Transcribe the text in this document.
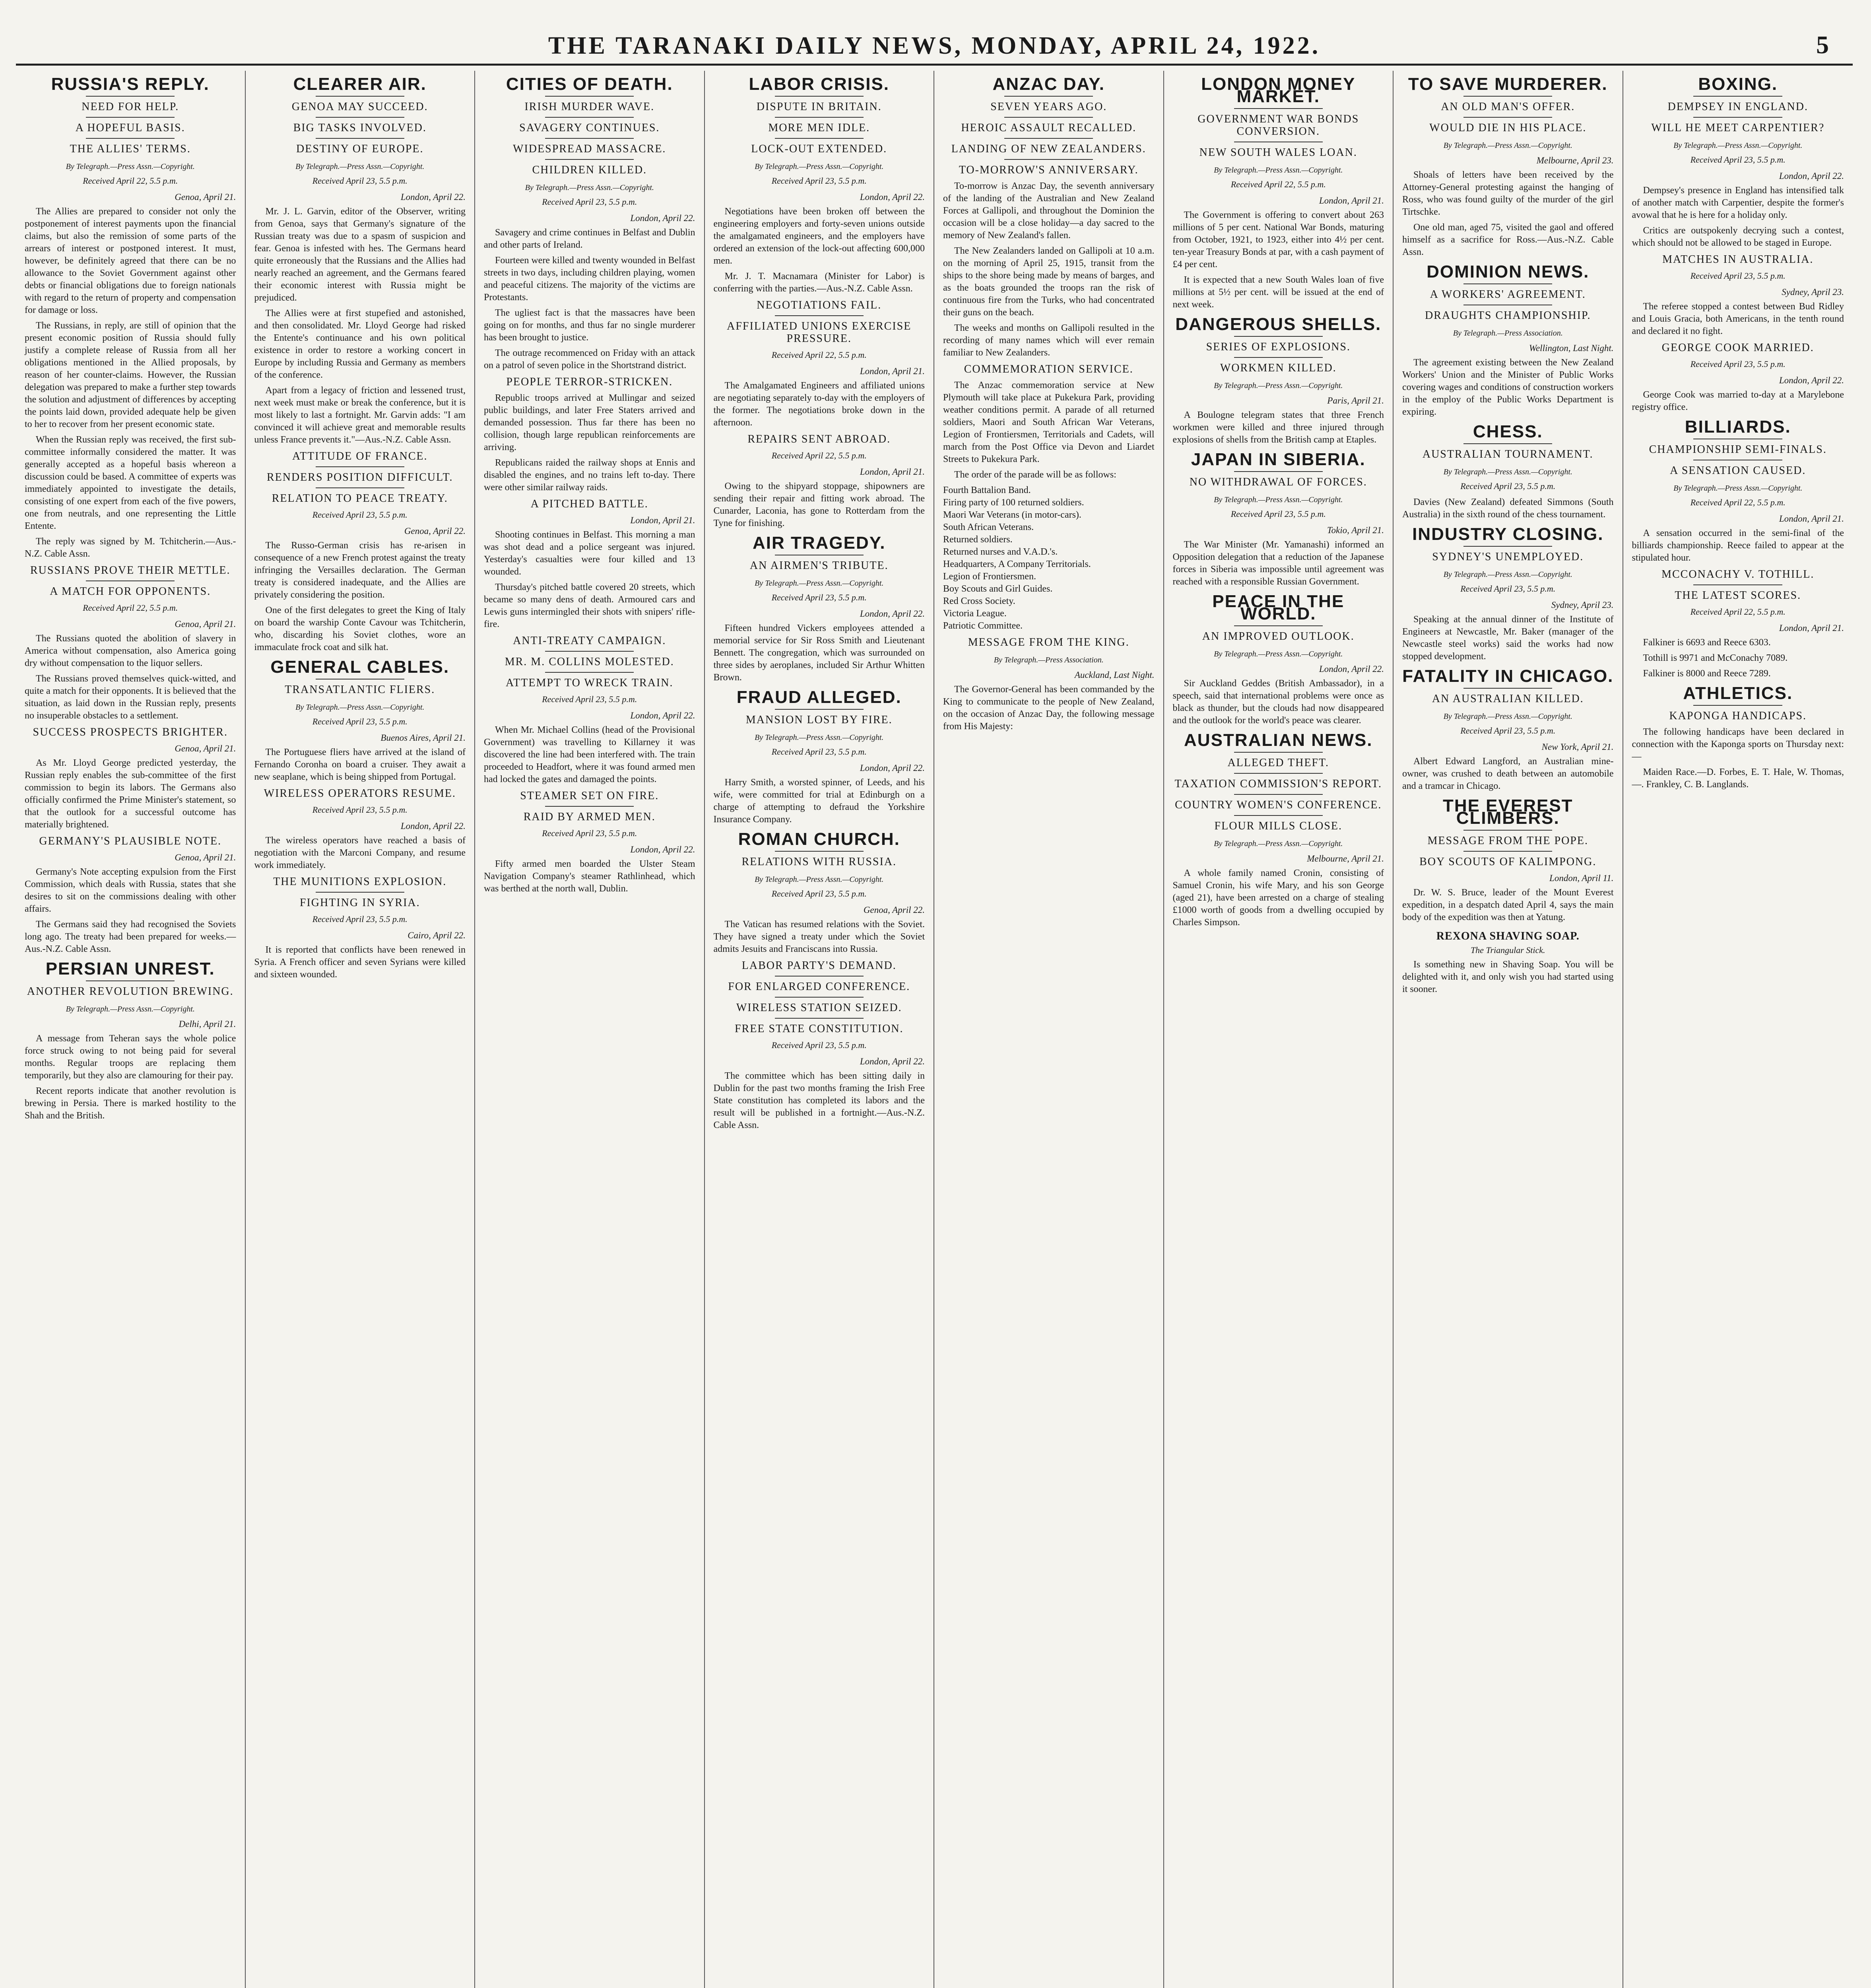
THE TARANAKI DAILY NEWS, MONDAY, APRIL 24, 1922.	5
RUSSIA'S REPLY.
NEED FOR HELP.
A HOPEFUL BASIS.
THE ALLIES' TERMS.
By Telegraph.—Press Assn.—Copyright.
Received April 22, 5.5 p.m.
Genoa, April 21.

The Allies are prepared to consider not only the postponement of interest payments upon the financial claims, but also the remission of some parts of the arrears of interest or postponed interest. It must, however, be definitely agreed that there can be no allowance to the Soviet Government against other debts or financial obligations due to foreign nationals with regard to the return of property and compensation for damage or loss.

The Russians, in reply, are still of opinion that the present economic position of Russia should fully justify a complete release of Russia from all her obligations mentioned in the Allied proposals, by reason of her counter-claims. However, the Russian delegation was prepared to make a further step towards the solution and adjustment of differences by accepting the points laid down, provided adequate help be given to her to recover from her present economic state.

When the Russian reply was received, the first sub-committee informally considered the matter. It was generally accepted as a hopeful basis whereon a discussion could be based. A committee of experts was immediately appointed to investigate the details, consisting of one expert from each of the five powers, one from neutrals, and one representing the Little Entente.

The reply was signed by M. Tchitcherin.—Aus.-N.Z. Cable Assn.

RUSSIANS PROVE THEIR METTLE.
A MATCH FOR OPPONENTS.
Received April 22, 5.5 p.m.
Genoa, April 21.

The Russians quoted the abolition of slavery in America without compensation, also America going dry without compensation to the liquor sellers.

The Russians proved themselves quick-witted, and quite a match for their opponents. It is believed that the situation, as laid down in the Russian reply, presents no insuperable obstacles to a settlement.

SUCCESS PROSPECTS BRIGHTER.
Genoa, April 21.

As Mr. Lloyd George predicted yesterday, the Russian reply enables the sub-committee of the first commission to begin its labors. The Germans also officially confirmed the Prime Minister's statement, so that the outlook for a successful outcome has materially brightened.

GERMANY'S PLAUSIBLE NOTE.
Genoa, April 21.

Germany's Note accepting expulsion from the First Commission, which deals with Russia, states that she desires to sit on the commissions dealing with other affairs.

The Germans said they had recognised the Soviets long ago. The treaty had been prepared for weeks.—Aus.-N.Z. Cable Assn.

PERSIAN UNREST.
ANOTHER REVOLUTION BREWING.
By Telegraph.—Press Assn.—Copyright.
Delhi, April 21.

A message from Teheran says the whole police force struck owing to not being paid for several months. Regular troops are replacing them temporarily, but they also are clamouring for their pay.

Recent reports indicate that another revolution is brewing in Persia. There is marked hostility to the Shah and the British.

CLEARER AIR.
GENOA MAY SUCCEED.
BIG TASKS INVOLVED.
DESTINY OF EUROPE.
By Telegraph.—Press Assn.—Copyright.
Received April 23, 5.5 p.m.
London, April 22.

Mr. J. L. Garvin, editor of the Observer, writing from Genoa, says that Germany's signature of the Russian treaty was due to a spasm of suspicion and fear. Genoa is infested with hes. The Germans heard quite erroneously that the Russians and the Allies had nearly reached an agreement, and the Germans feared their economic interest with Russia might be prejudiced.

The Allies were at first stupefied and astonished, and then consolidated. Mr. Lloyd George had risked the Entente's continuance and his own political existence in order to restore a working concert in Europe by including Russia and Germany as members of the conference.

Apart from a legacy of friction and lessened trust, next week must make or break the conference, but it is most likely to last a fortnight. Mr. Garvin adds: "I am convinced it will achieve great and memorable results unless France prevents it."—Aus.-N.Z. Cable Assn.

ATTITUDE OF FRANCE.
RENDERS POSITION DIFFICULT.
RELATION TO PEACE TREATY.
Received April 23, 5.5 p.m.
Genoa, April 22.

The Russo-German crisis has re-arisen in consequence of a new French protest against the treaty infringing the Versailles declaration. The German treaty is considered inadequate, and the Allies are privately considering the position.

One of the first delegates to greet the King of Italy on board the warship Conte Cavour was Tchitcherin, who, discarding his Soviet clothes, wore an immaculate frock coat and silk hat.

GENERAL CABLES.
TRANSATLANTIC FLIERS.
By Telegraph.—Press Assn.—Copyright.
Received April 23, 5.5 p.m.
Buenos Aires, April 21.

The Portuguese fliers have arrived at the island of Fernando Coronha on board a cruiser. They await a new seaplane, which is being shipped from Portugal.

WIRELESS OPERATORS RESUME.
Received April 23, 5.5 p.m.
London, April 22.

The wireless operators have reached a basis of negotiation with the Marconi Company, and resume work immediately.

THE MUNITIONS EXPLOSION.
FIGHTING IN SYRIA.
Received April 23, 5.5 p.m.
Cairo, April 22.

It is reported that conflicts have been renewed in Syria. A French officer and seven Syrians were killed and sixteen wounded.

CITIES OF DEATH.
IRISH MURDER WAVE.
SAVAGERY CONTINUES.
WIDESPREAD MASSACRE.
CHILDREN KILLED.
By Telegraph.—Press Assn.—Copyright.
Received April 23, 5.5 p.m.
London, April 22.

Savagery and crime continues in Belfast and Dublin and other parts of Ireland.

Fourteen were killed and twenty wounded in Belfast streets in two days, including children playing, women and peaceful citizens. The majority of the victims are Protestants.

The ugliest fact is that the massacres have been going on for months, and thus far no single murderer has been brought to justice.

The outrage recommenced on Friday with an attack on a patrol of seven police in the Shortstrand district.

PEOPLE TERROR-STRICKEN.

Republic troops arrived at Mullingar and seized public buildings, and later Free Staters arrived and demanded possession. Thus far there has been no collision, though large republican reinforcements are arriving.

Republicans raided the railway shops at Ennis and disabled the engines, and no trains left to-day. There were other similar railway raids.

A PITCHED BATTLE.
London, April 21.

Shooting continues in Belfast. This morning a man was shot dead and a police sergeant was injured. Yesterday's casualties were four killed and 13 wounded.

Thursday's pitched battle covered 20 streets, which became so many dens of death. Armoured cars and Lewis guns intermingled their shots with snipers' rifle-fire.

ANTI-TREATY CAMPAIGN.
MR. M. COLLINS MOLESTED.
ATTEMPT TO WRECK TRAIN.
Received April 23, 5.5 p.m.
London, April 22.

When Mr. Michael Collins (head of the Provisional Government) was travelling to Killarney it was discovered the line had been interfered with. The train proceeded to Headfort, where it was found armed men had locked the gates and damaged the points.

STEAMER SET ON FIRE.
RAID BY ARMED MEN.
Received April 23, 5.5 p.m.
London, April 22.

Fifty armed men boarded the Ulster Steam Navigation Company's steamer Rathlinhead, which was berthed at the north wall, Dublin.

LABOR CRISIS.
DISPUTE IN BRITAIN.
MORE MEN IDLE.
LOCK-OUT EXTENDED.
By Telegraph.—Press Assn.—Copyright.
Received April 23, 5.5 p.m.
London, April 22.

Negotiations have been broken off between the engineering employers and forty-seven unions outside the amalgamated engineers, and the employers have ordered an extension of the lock-out affecting 600,000 men.

Mr. J. T. Macnamara (Minister for Labor) is conferring with the parties.—Aus.-N.Z. Cable Assn.

NEGOTIATIONS FAIL.
AFFILIATED UNIONS EXERCISE PRESSURE.
Received April 22, 5.5 p.m.
London, April 21.

The Amalgamated Engineers and affiliated unions are negotiating separately to-day with the employers of the former. The negotiations broke down in the afternoon.

REPAIRS SENT ABROAD.
Received April 22, 5.5 p.m.
London, April 21.

Owing to the shipyard stoppage, shipowners are sending their repair and fitting work abroad. The Cunarder, Laconia, has gone to Rotterdam from the Tyne for finishing.

AIR TRAGEDY.
AN AIRMEN'S TRIBUTE.
By Telegraph.—Press Assn.—Copyright.
Received April 23, 5.5 p.m.
London, April 22.

Fifteen hundred Vickers employees attended a memorial service for Sir Ross Smith and Lieutenant Bennett. The congregation, which was surrounded on three sides by aeroplanes, included Sir Arthur Whitten Brown.

FRAUD ALLEGED.
MANSION LOST BY FIRE.
By Telegraph.—Press Assn.—Copyright.
Received April 23, 5.5 p.m.
London, April 22.

Harry Smith, a worsted spinner, of Leeds, and his wife, were committed for trial at Edinburgh on a charge of attempting to defraud the Yorkshire Insurance Company.

ROMAN CHURCH.
RELATIONS WITH RUSSIA.
By Telegraph.—Press Assn.—Copyright.
Received April 23, 5.5 p.m.
Genoa, April 22.

The Vatican has resumed relations with the Soviet. They have signed a treaty under which the Soviet admits Jesuits and Franciscans into Russia.

LABOR PARTY'S DEMAND.
FOR ENLARGED CONFERENCE.
WIRELESS STATION SEIZED.
FREE STATE CONSTITUTION.
Received April 23, 5.5 p.m.
London, April 22.

The committee which has been sitting daily in Dublin for the past two months framing the Irish Free State constitution has completed its labors and the result will be published in a fortnight.—Aus.-N.Z. Cable Assn.

ANZAC DAY.
SEVEN YEARS AGO.
HEROIC ASSAULT RECALLED.
LANDING OF NEW ZEALANDERS.
TO-MORROW'S ANNIVERSARY.

To-morrow is Anzac Day, the seventh anniversary of the landing of the Australian and New Zealand Forces at Gallipoli, and throughout the Dominion the occasion will be a close holiday—a day sacred to the memory of New Zealand's fallen.

The New Zealanders landed on Gallipoli at 10 a.m. on the morning of April 25, 1915, transit from the ships to the shore being made by means of barges, and as the boats grounded the troops ran the risk of continuous fire from the Turks, who had concentrated their guns on the beach.

The weeks and months on Gallipoli resulted in the recording of many names which will ever remain familiar to New Zealanders.

COMMEMORATION SERVICE.

The Anzac commemoration service at New Plymouth will take place at Pukekura Park, providing weather conditions permit. A parade of all returned soldiers, Maori and South African War Veterans, Legion of Frontiersmen, Territorials and Cadets, will march from the Post Office via Devon and Liardet Streets to Pukekura Park.

The order of the parade will be as follows:

Fourth Battalion Band.
Firing party of 100 returned soldiers.
Maori War Veterans (in motor-cars).
South African Veterans.
Returned soldiers.
Returned nurses and V.A.D.'s.
Headquarters, A Company Territorials.
Legion of Frontiersmen.
Boy Scouts and Girl Guides.
Red Cross Society.
Victoria League.
Patriotic Committee.
MESSAGE FROM THE KING.
By Telegraph.—Press Association.
Auckland, Last Night.

The Governor-General has been commanded by the King to communicate to the people of New Zealand, on the occasion of Anzac Day, the following message from His Majesty:

LONDON MONEY MARKET.
GOVERNMENT WAR BONDS CONVERSION.
NEW SOUTH WALES LOAN.
By Telegraph.—Press Assn.—Copyright.
Received April 22, 5.5 p.m.
London, April 21.

The Government is offering to convert about 263 millions of 5 per cent. National War Bonds, maturing from October, 1921, to 1923, either into 4½ per cent. ten-year Treasury Bonds at par, with a cash payment of £4 per cent.

It is expected that a new South Wales loan of five millions at 5½ per cent. will be issued at the end of next week.

DANGEROUS SHELLS.
SERIES OF EXPLOSIONS.
WORKMEN KILLED.
By Telegraph.—Press Assn.—Copyright.
Paris, April 21.

A Boulogne telegram states that three French workmen were killed and three injured through explosions of shells from the British camp at Etaples.

JAPAN IN SIBERIA.
NO WITHDRAWAL OF FORCES.
By Telegraph.—Press Assn.—Copyright.
Received April 23, 5.5 p.m.
Tokio, April 21.

The War Minister (Mr. Yamanashi) informed an Opposition delegation that a reduction of the Japanese forces in Siberia was impossible until agreement was reached with a responsible Russian Government.

PEACE IN THE WORLD.
AN IMPROVED OUTLOOK.
By Telegraph.—Press Assn.—Copyright.
London, April 22.

Sir Auckland Geddes (British Ambassador), in a speech, said that international problems were once as black as thunder, but the clouds had now disappeared and the outlook for the world's peace was clearer.

AUSTRALIAN NEWS.
ALLEGED THEFT.
TAXATION COMMISSION'S REPORT.
COUNTRY WOMEN'S CONFERENCE.
FLOUR MILLS CLOSE.
By Telegraph.—Press Assn.—Copyright.
Melbourne, April 21.

A whole family named Cronin, consisting of Samuel Cronin, his wife Mary, and his son George (aged 21), have been arrested on a charge of stealing £1000 worth of goods from a dwelling occupied by Charles Simpson.

TO SAVE MURDERER.
AN OLD MAN'S OFFER.
WOULD DIE IN HIS PLACE.
By Telegraph.—Press Assn.—Copyright.
Melbourne, April 23.

Shoals of letters have been received by the Attorney-General protesting against the hanging of Ross, who was found guilty of the murder of the girl Tirtschke.

One old man, aged 75, visited the gaol and offered himself as a sacrifice for Ross.—Aus.-N.Z. Cable Assn.

DOMINION NEWS.
A WORKERS' AGREEMENT.
DRAUGHTS CHAMPIONSHIP.
By Telegraph.—Press Association.
Wellington, Last Night.

The agreement existing between the New Zealand Workers' Union and the Minister of Public Works covering wages and conditions of construction workers in the employ of the Public Works Department is expiring.

CHESS.
AUSTRALIAN TOURNAMENT.
By Telegraph.—Press Assn.—Copyright.
Received April 23, 5.5 p.m.

Davies (New Zealand) defeated Simmons (South Australia) in the sixth round of the chess tournament.

INDUSTRY CLOSING.
SYDNEY'S UNEMPLOYED.
By Telegraph.—Press Assn.—Copyright.
Received April 23, 5.5 p.m.
Sydney, April 23.

Speaking at the annual dinner of the Institute of Engineers at Newcastle, Mr. Baker (manager of the Newcastle steel works) said the works had now stopped development.

FATALITY IN CHICAGO.
AN AUSTRALIAN KILLED.
By Telegraph.—Press Assn.—Copyright.
Received April 23, 5.5 p.m.
New York, April 21.

Albert Edward Langford, an Australian mine-owner, was crushed to death between an automobile and a tramcar in Chicago.

THE EVEREST CLIMBERS.
MESSAGE FROM THE POPE.
BOY SCOUTS OF KALIMPONG.
London, April 11.

Dr. W. S. Bruce, leader of the Mount Everest expedition, in a despatch dated April 4, says the main body of the expedition was then at Yatung.

REXONA SHAVING SOAP.
The Triangular Stick.

Is something new in Shaving Soap. You will be delighted with it, and only wish you had started using it sooner.

BOXING.
DEMPSEY IN ENGLAND.
WILL HE MEET CARPENTIER?
By Telegraph.—Press Assn.—Copyright.
Received April 23, 5.5 p.m.
London, April 22.

Dempsey's presence in England has intensified talk of another match with Carpentier, despite the former's avowal that he is here for a holiday only.

Critics are outspokenly decrying such a contest, which should not be allowed to be staged in Europe.

MATCHES IN AUSTRALIA.
Received April 23, 5.5 p.m.
Sydney, April 23.

The referee stopped a contest between Bud Ridley and Louis Gracia, both Americans, in the tenth round and declared it no fight.

GEORGE COOK MARRIED.
Received April 23, 5.5 p.m.
London, April 22.

George Cook was married to-day at a Marylebone registry office.

BILLIARDS.
CHAMPIONSHIP SEMI-FINALS.
A SENSATION CAUSED.
By Telegraph.—Press Assn.—Copyright.
Received April 22, 5.5 p.m.
London, April 21.

A sensation occurred in the semi-final of the billiards championship. Reece failed to appear at the stipulated hour.

MCCONACHY V. TOTHILL.
THE LATEST SCORES.
Received April 22, 5.5 p.m.
London, April 21.

Falkiner is 6693 and Reece 6303.

Tothill is 9971 and McConachy 7089.

Falkiner is 8000 and Reece 7289.

ATHLETICS.
KAPONGA HANDICAPS.

The following handicaps have been declared in connection with the Kaponga sports on Thursday next:—

Maiden Race.—D. Forbes, E. T. Hale, W. Thomas, —. Frankley, C. B. Langlands.
